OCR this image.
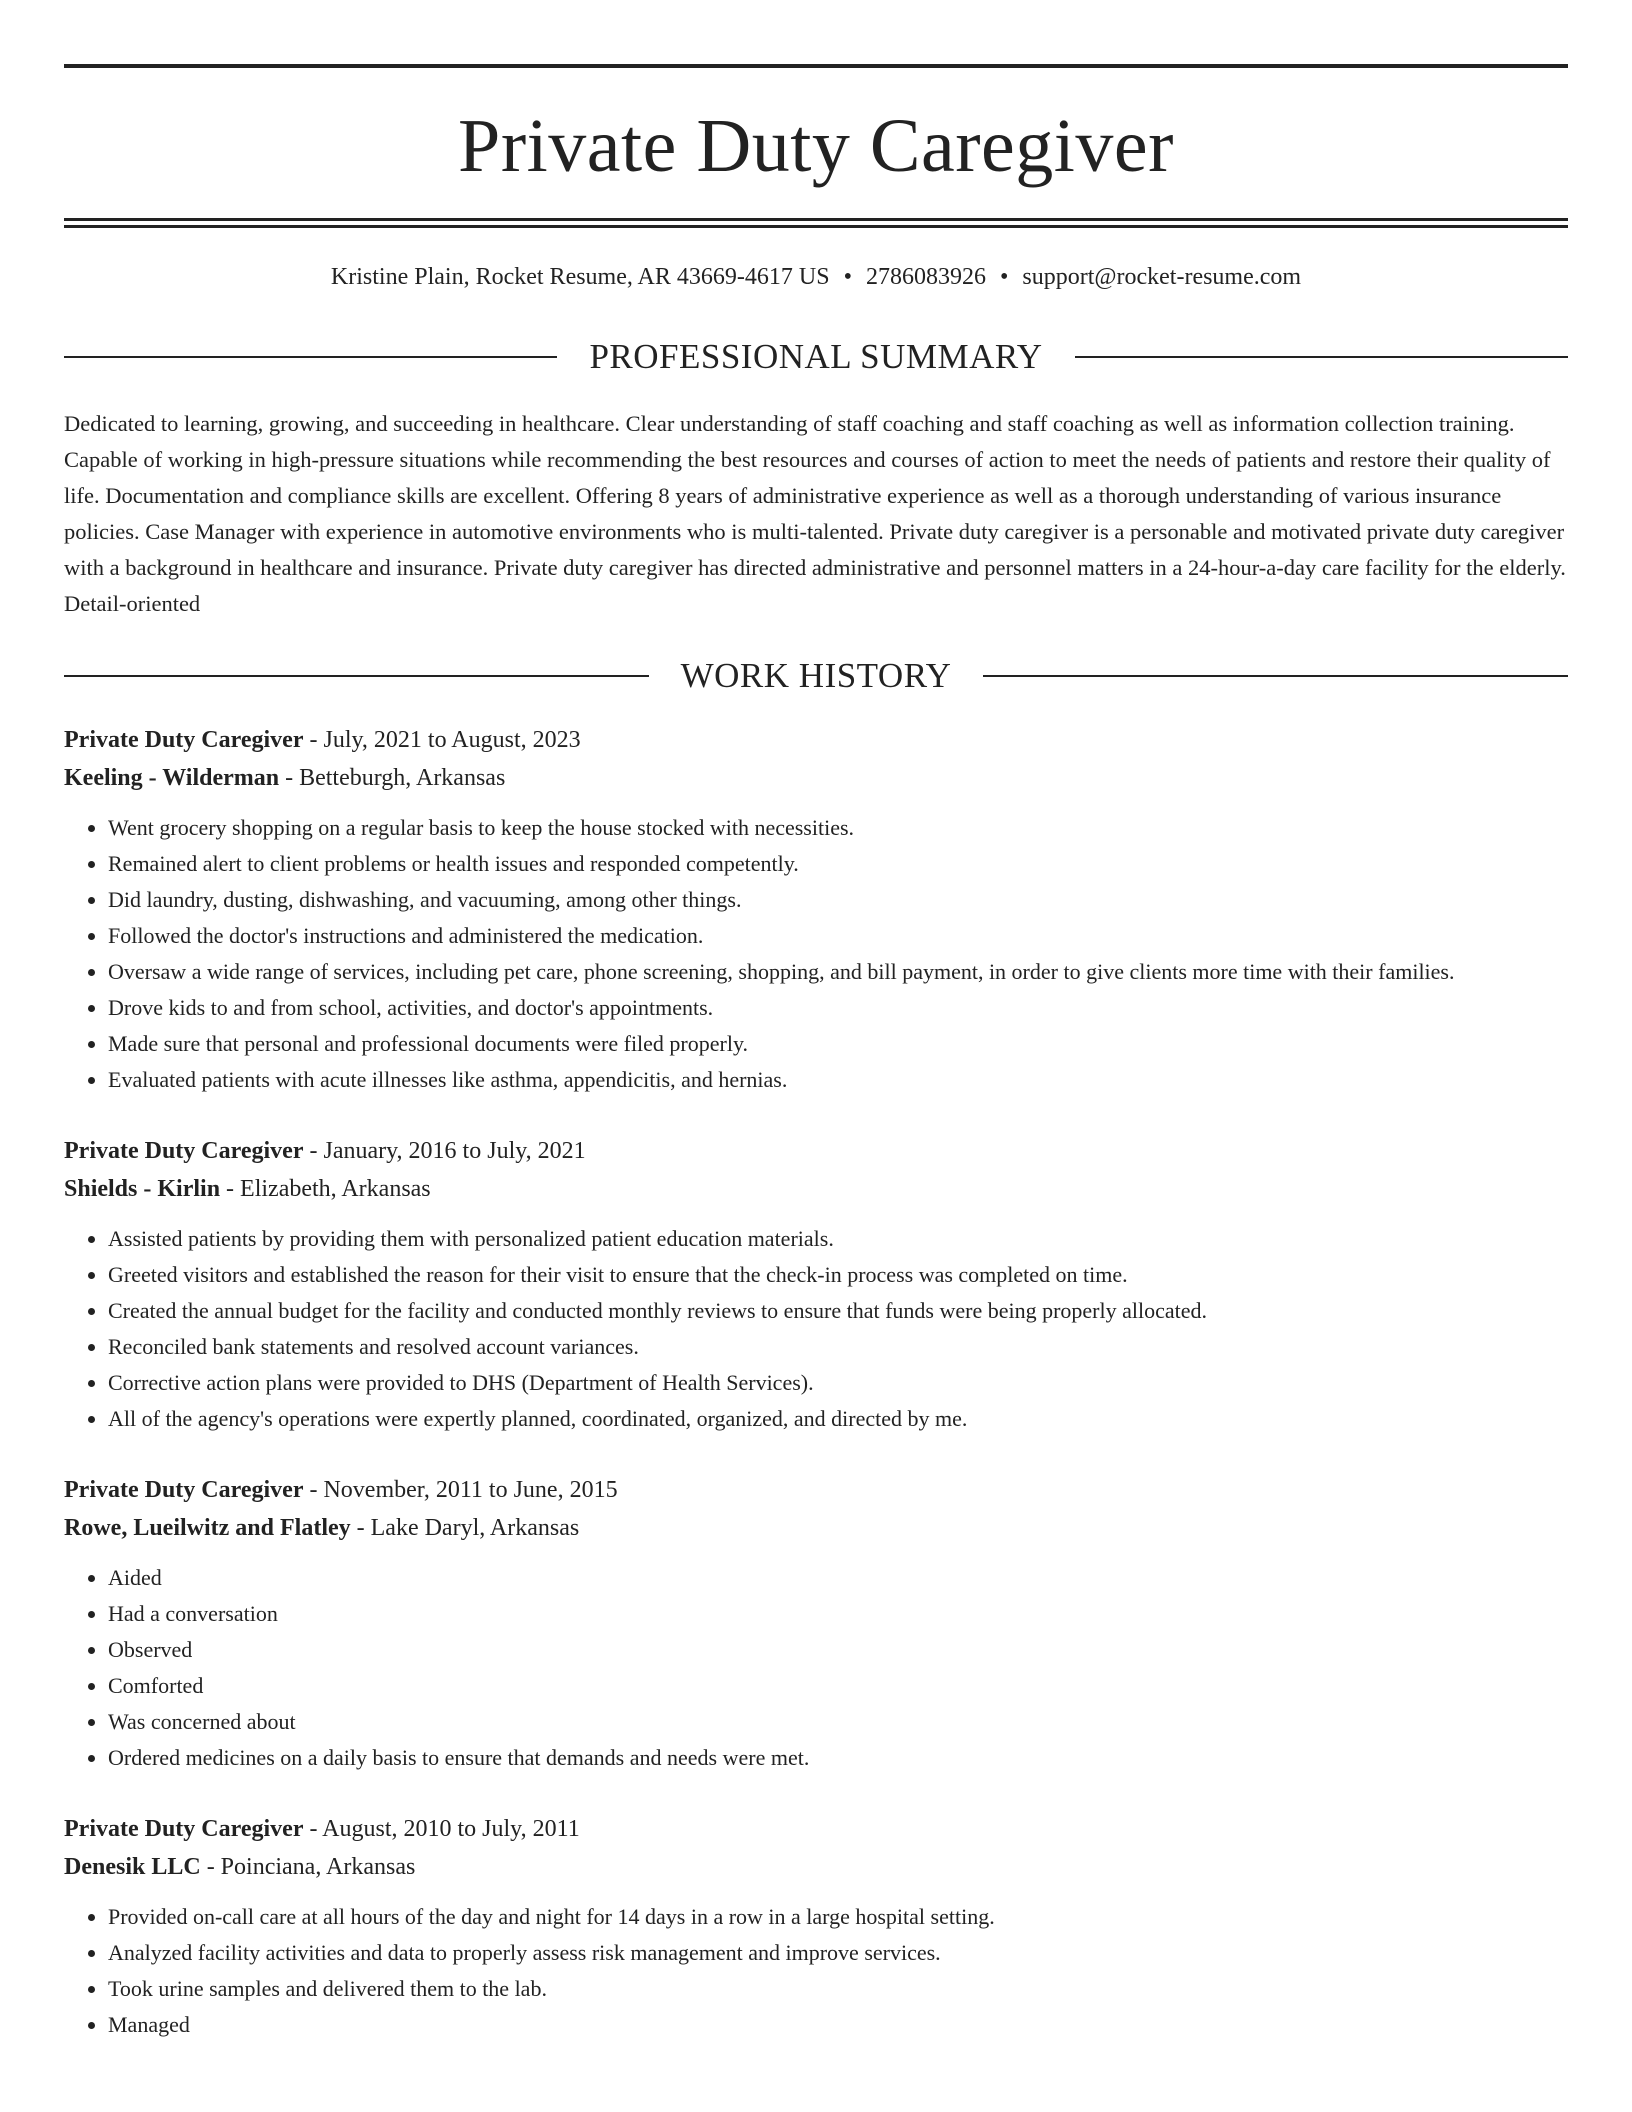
Private Duty Caregiver
Kristine Plain, Rocket Resume, AR 43669-4617 US • 2786083926 • support@rocket-resume.com
PROFESSIONAL SUMMARY
Dedicated to learning, growing, and succeeding in healthcare. Clear understanding of staff coaching and staff coaching as well as information collection training. Capable of working in high-pressure situations while recommending the best resources and courses of action to meet the needs of patients and restore their quality of life. Documentation and compliance skills are excellent. Offering 8 years of administrative experience as well as a thorough understanding of various insurance policies. Case Manager with experience in automotive environments who is multi-talented. Private duty caregiver is a personable and motivated private duty caregiver with a background in healthcare and insurance. Private duty caregiver has directed administrative and personnel matters in a 24-hour-a-day care facility for the elderly. Detail-oriented
WORK HISTORY
Private Duty Caregiver - July, 2021 to August, 2023
Keeling - Wilderman - Betteburgh, Arkansas
• Went grocery shopping on a regular basis to keep the house stocked with necessities.
• Remained alert to client problems or health issues and responded competently.
• Did laundry, dusting, dishwashing, and vacuuming, among other things.
• Followed the doctor's instructions and administered the medication.
• Oversaw a wide range of services, including pet care, phone screening, shopping, and bill payment, in order to give clients more time with their families.
• Drove kids to and from school, activities, and doctor's appointments.
• Made sure that personal and professional documents were filed properly.
• Evaluated patients with acute illnesses like asthma, appendicitis, and hernias.
Private Duty Caregiver - January, 2016 to July, 2021
Shields - Kirlin - Elizabeth, Arkansas
• Assisted patients by providing them with personalized patient education materials.
• Greeted visitors and established the reason for their visit to ensure that the check-in process was completed on time.
• Created the annual budget for the facility and conducted monthly reviews to ensure that funds were being properly allocated.
• Reconciled bank statements and resolved account variances.
• Corrective action plans were provided to DHS (Department of Health Services).
• All of the agency's operations were expertly planned, coordinated, organized, and directed by me.
Private Duty Caregiver - November, 2011 to June, 2015
Rowe, Lueilwitz and Flatley - Lake Daryl, Arkansas
• Aided
• Had a conversation
• Observed
• Comforted
• Was concerned about
• Ordered medicines on a daily basis to ensure that demands and needs were met.
Private Duty Caregiver - August, 2010 to July, 2011
Denesik LLC - Poinciana, Arkansas
• Provided on-call care at all hours of the day and night for 14 days in a row in a large hospital setting.
• Analyzed facility activities and data to properly assess risk management and improve services.
• Took urine samples and delivered them to the lab.
• Managed
